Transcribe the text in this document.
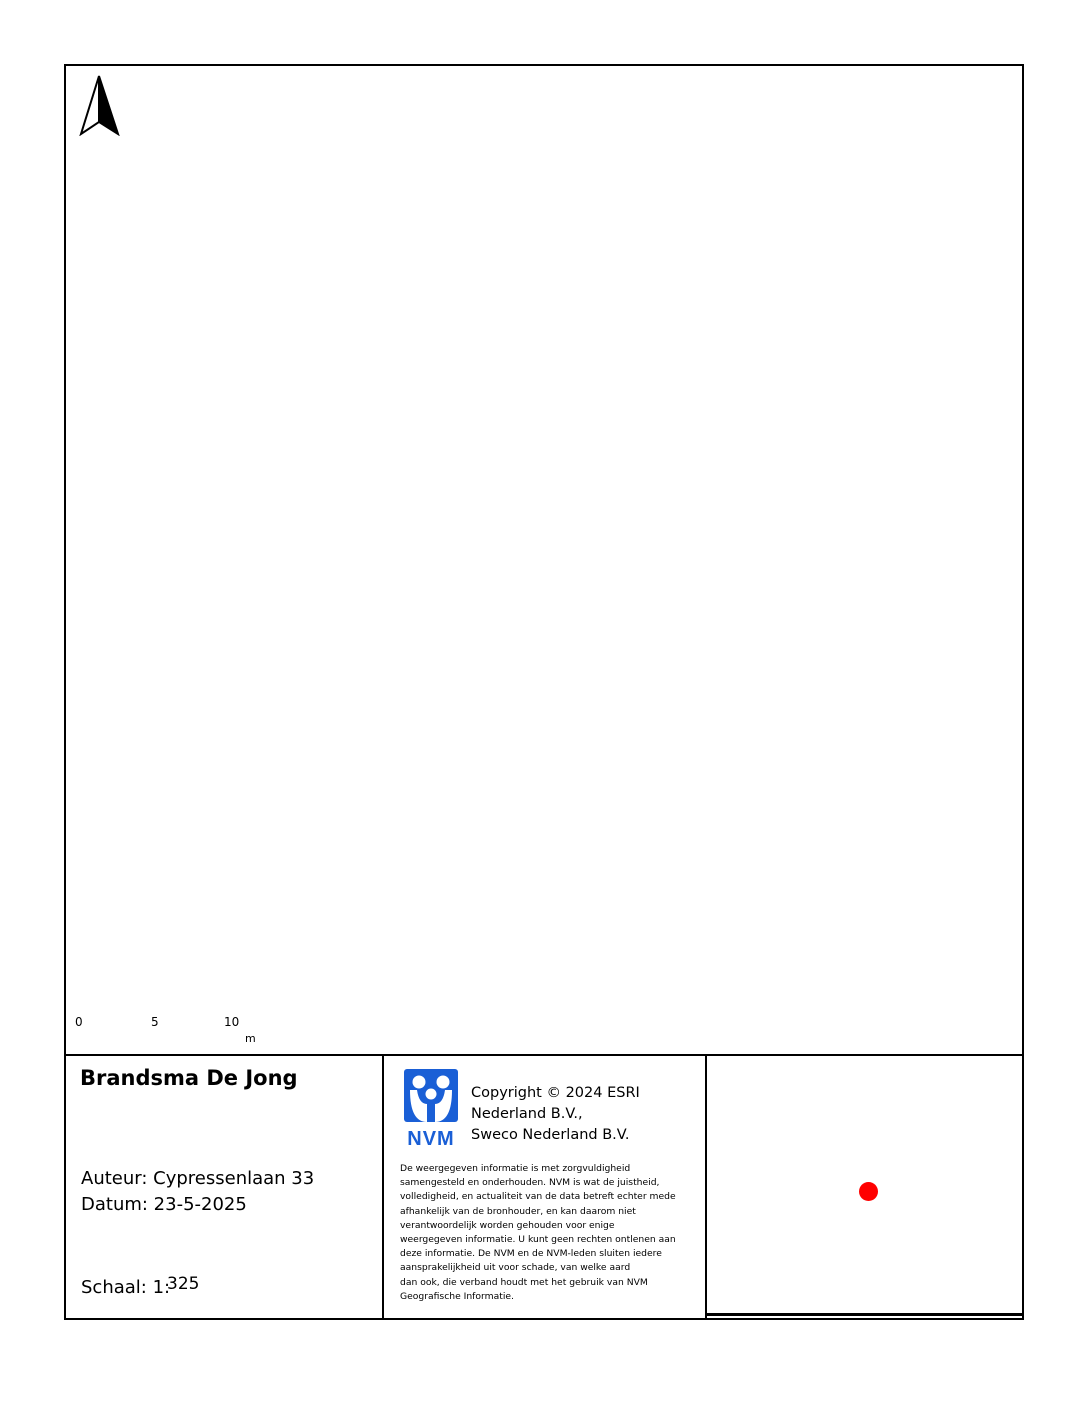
0	5	10
m
Brandsma De Jong
Auteur: Cypressenlaan 33
Datum: 23-5-2025
Schaal: 1:
325
NVM
Copyright © 2024 ESRI
Nederland B.V.,
Sweco Nederland B.V.
De weergegeven informatie is met zorgvuldigheid
samengesteld en onderhouden. NVM is wat de juistheid,
volledigheid, en actualiteit van de data betreft echter mede
afhankelijk van de bronhouder, en kan daarom niet
verantwoordelijk worden gehouden voor enige
weergegeven informatie. U kunt geen rechten ontlenen aan
deze informatie. De NVM en de NVM-leden sluiten iedere
aansprakelijkheid uit voor schade, van welke aard
dan ook, die verband houdt met het gebruik van NVM
Geografische Informatie.
